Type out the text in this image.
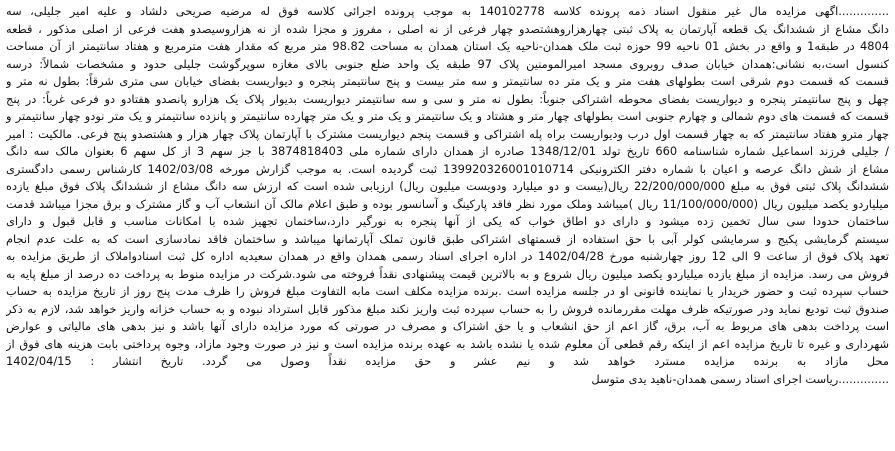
..............اگهی مزایده مال غیر منقول اسناد ذمه پرونده کلاسه 140102778 به موجب پرونده اجرائی کلاسه فوق له مرضیه صریحی دلشاد و علیه امیر جلیلی، سه
دانگ مشاع از ششدانگ یک قطعه آپارتمان به پلاک ثبتی چهارهزاروهشتصدو چهار فرعی از نه اصلی ، مفروز و مجزا شده از نه هزاروسیصدو هفت فرعی از اصلی مذکور ، قطعه
4804 در طبقه1 و واقع در بخش 01 ناحیه 99 حوزه ثبت ملک همدان-ناحیه یک استان همدان به مساحت 98.82 متر مربع که مقدار هفت مترمربع و هفتاد سانتیمتر از آن مساحت
کنسول است،به نشانی:همدان خیابان صدف روبروی مسجد امیرالمومنین پلاک 97 طبقه یک واحد ضلع جنوبی بالای مغازه سوپرگوشت جلیلی حدود و مشخصات شمالاً: درسه
قسمت که قسمت دوم شرقی است بطولهای هفت متر و یک متر ده سانتیمتر و سه متر بیست و پنج سانتیمتر پنجره و دیواریست بفضای خیابان سی متری شرقاً: بطول نه متر و
چهل و پنج سانتیمتر پنجره و دیواریست بفضای محوطه اشتراکی جنوباً: بطول نه متر و سی و سه سانتیمتر دیواریست بدیوار پلاک یک هزارو پانصدو هفتادو دو فرعی غرباً: در پنج
قسمت که قسمت های دوم شمالی و چهارم جنوبی است بطولهای چهار متر و هشتاد و یک سانتیمتر و یک متر و یک متر چهارده سانتیمتر و پانزده سانتیمتر و یک متر نودو چهار سانتیمتر و
چهار مترو هفتاد سانتیمتر که به چهار قسمت اول درب ودیواریست براه پله اشتراکی و قسمت پنجم دیواریست مشترک با آپارتمان پلاک چهار هزار و هشتصدو پنج فرعی. مالکیت : امیر
/ جلیلی فرزند اسماعیل شماره شناسنامه 660 تاریخ تولد 1348/12/01 صادره از همدان دارای شماره ملی 3874818403 با جز سهم 3 از کل سهم 6 بعنوان مالک سه دانگ
مشاع از شش دانگ عرصه و اعیان با شماره دفتر الکترونیکی 139920326001010714 ثبت گردیده است. به موجب گزارش مورخه 1402/03/08 کارشناس رسمی دادگستری
ششدانگ پلاک ثبتی فوق به مبلغ 22/200/000/000 ریال(بیست و دو میلیارد ودویست میلیون ریال) ارزیابی شده است که ارزش سه دانگ مشاع از ششدانگ پلاک فوق مبلغ یازده
میلیاردو یکصد میلیون ریال (11/100/000/000 ریال )میباشد وملک مورد نظر فاقد پارکینگ و آسانسور بوده و طبق اعلام مالک آن انشعاب آب و گاز مشترک و برق مجزا میباشد قدمت
ساختمان حدودا سی سال تخمین زده میشود و دارای دو اطاق خواب که یکی از آنها پنجره به نورگیر دارد،ساختمان تجهیز شده با امکانات مناسب و قابل قبول و دارای
سیستم گرمایشی پکیج و سرمایشی کولر آبی با حق استفاده از قسمتهای اشتراکی طبق قانون تملک آپارتمانها میباشد و ساختمان فاقد نمادسازی است که به علت عدم انجام
تعهد پلاک فوق از ساعت 9 الی 12 روز چهارشنبه مورخ 1402/04/28 در اداره اجرای اسناد رسمی همدان واقع در همدان سعیدیه اداره کل ثبت اسنادواملاک از طریق مزایده به
فروش می رسد. مزایده از مبلغ یازده میلیاردو یکصد میلیون ریال شروع و به بالاترین قیمت پیشنهادی نقداً فروخته می شود.شرکت در مزایده منوط به پرداخت ده درصد از مبلغ پایه به
حساب سپرده ثبت و حضور خریدار یا نماینده قانونی او در جلسه مزایده است .برنده مزایده مکلف است مابه التفاوت مبلغ فروش را ظرف مدت پنج روز از تاریخ مزایده به حساب
صندوق ثبت تودیع نماید ودر صورتیکه ظرف مهلت مقررمانده فروش را به حساب سپرده ثبت واریز نکند مبلغ مذکور قابل استرداد نبوده و به حساب خزانه واریز خواهد شد، لازم به ذکر
است پرداخت بدهی های مربوط به آب، برق، گاز اعم از حق انشعاب و یا حق اشتراک و مصرف در صورتی که مورد مزایده دارای آنها باشد و نیز بدهی های مالیاتی و عوارض
شهرداری و غیره تا تاریخ مزایده اعم از اینکه رقم قطعی آن معلوم شده یا نشده باشد به عهده برنده مزایده است و نیز در صورت وجود مازاد، وجوه پرداختی بابت هزینه های فوق از
محل مازاد به برنده مزایده مسترد خواهد شد و نیم عشر و حق مزایده نقداً وصول می گردد. تاریخ انتشار : 1402/04/15
..............ریاست اجرای اسناد رسمی همدان-ناهید یدی متوسل
